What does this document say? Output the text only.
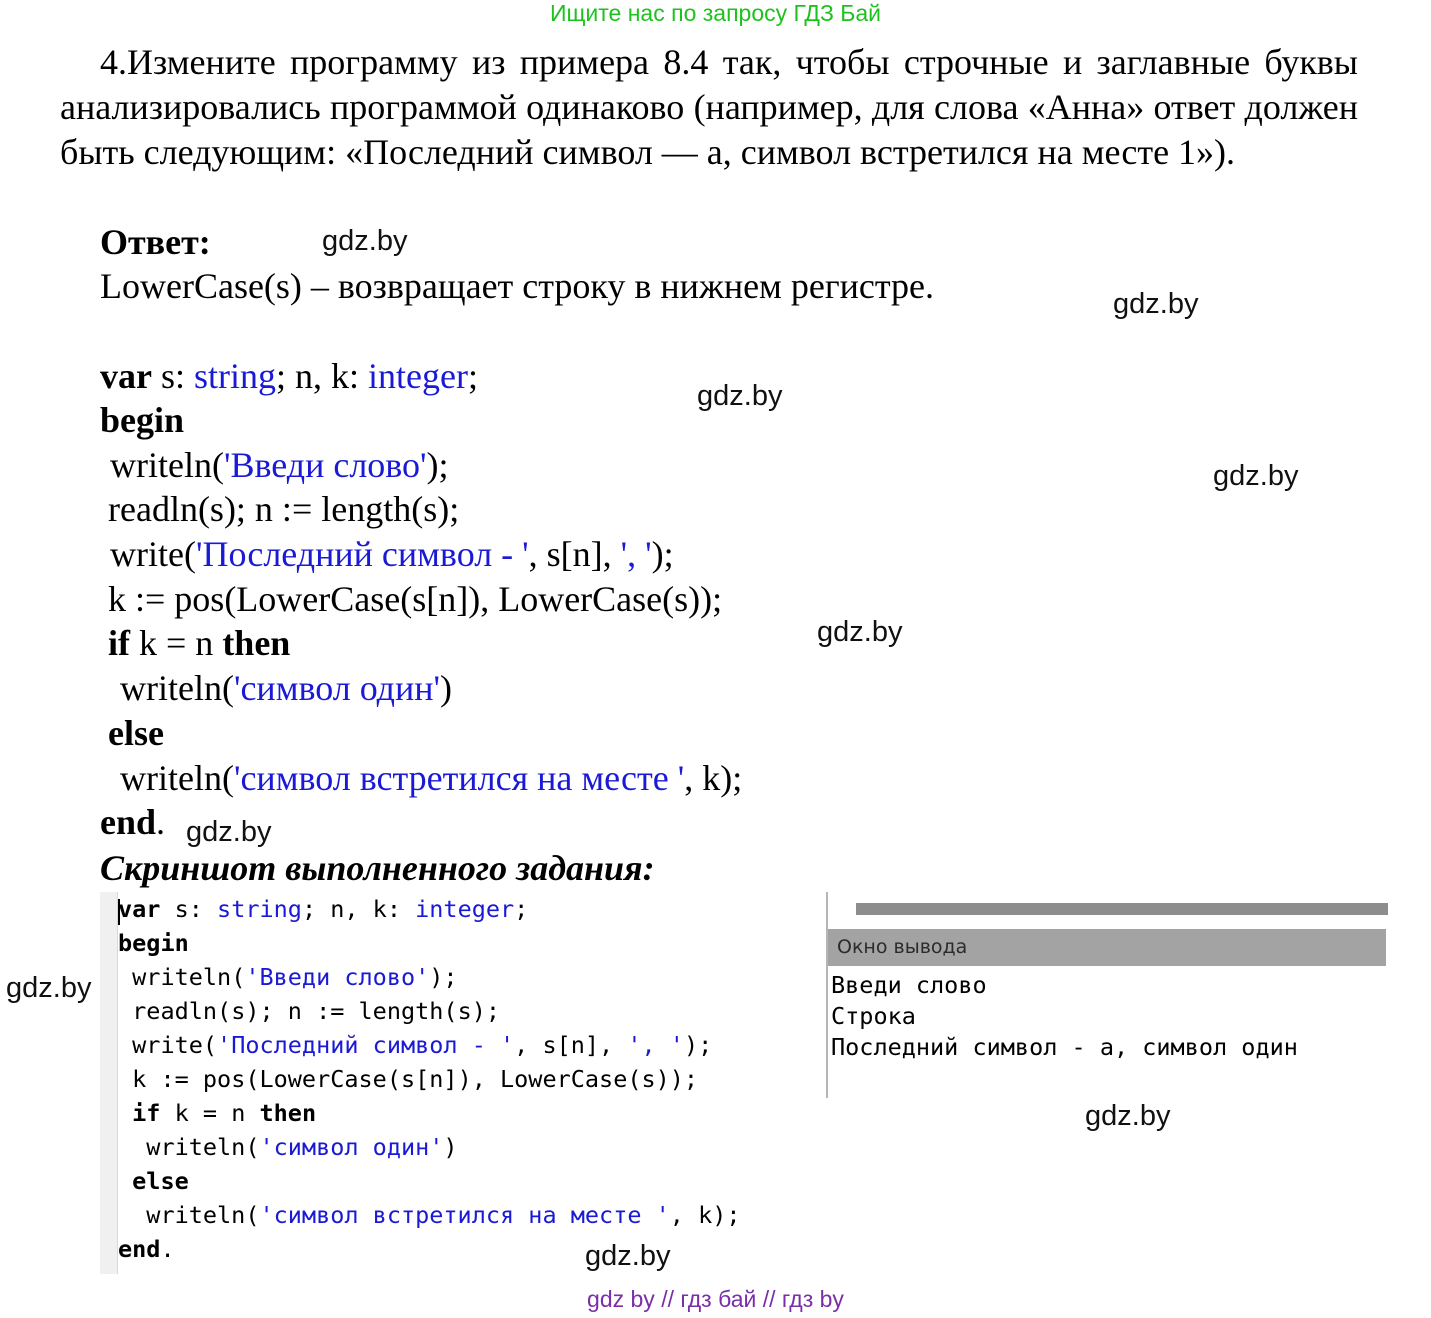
Ищите нас по запросу ГДЗ Бай
4.Измените программу из примера 8.4 так, чтобы строчные и заглавные буквы анализировались программой одинаково (например, для слова «Анна» ответ должен быть следующим: «Последний символ — а, символ встретился на месте 1»).
Ответ:
LowerCase(s) – возвращает строку в нижнем регистре.
var s: string; n, k: integer;
begin
writeln('Введи слово');
readln(s); n := length(s);
write('Последний символ - ', s[n], ', ');
k := pos(LowerCase(s[n]), LowerCase(s));
if k = n then
writeln('символ один')
else
writeln('символ встретился на месте ', k);
end.
Скриншот выполненного задания:
var s: string; n, k: integer;
begin
writeln('Введи слово');
readln(s); n := length(s);
write('Последний символ - ', s[n], ', ');
k := pos(LowerCase(s[n]), LowerCase(s));
if k = n then
writeln('символ один')
else
writeln('символ встретился на месте ', k);
end.
Окно вывода
Введи слово
Строка
Последний символ - а, символ один
gdz.by
gdz.by
gdz.by
gdz.by
gdz.by
gdz.by
gdz.by
gdz.by
gdz.by
gdz by // гдз бай // гдз by
